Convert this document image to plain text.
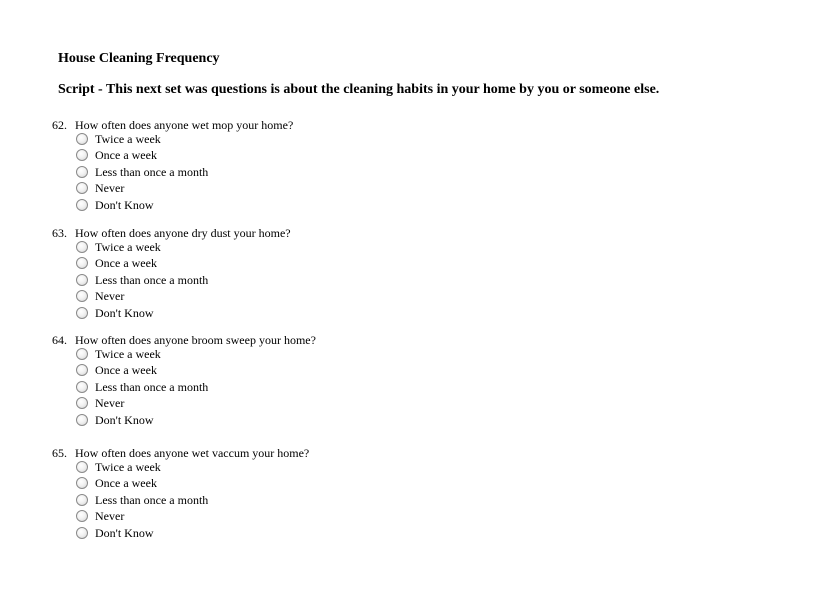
House Cleaning Frequency
Script - This next set was questions is about the cleaning habits in your home by you or someone else.
62. How often does anyone wet mop your home?
Twice a week
Once a week
Less than once a month
Never
Don't Know
63. How often does anyone dry dust your home?
Twice a week
Once a week
Less than once a month
Never
Don't Know
64. How often does anyone broom sweep your home?
Twice a week
Once a week
Less than once a month
Never
Don't Know
65. How often does anyone wet vaccum your home?
Twice a week
Once a week
Less than once a month
Never
Don't Know
